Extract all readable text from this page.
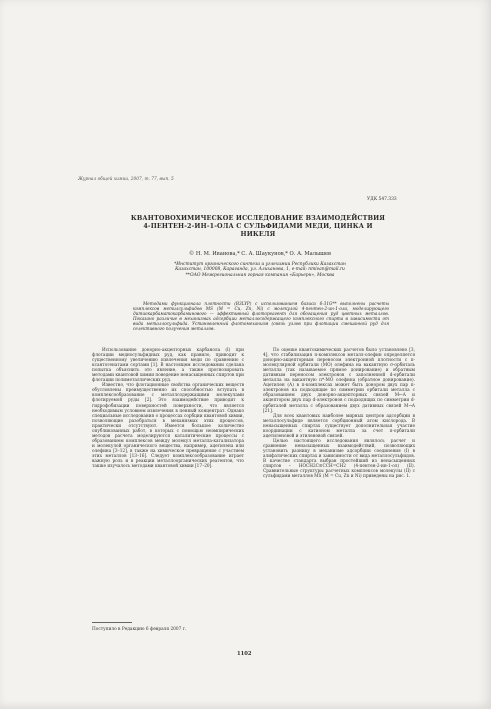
Журнал общей химии, 2007, т. 77, вып. 5
УДК 547.333
КВАНТОВОХИМИЧЕСКОЕ ИССЛЕДОВАНИЕ ВЗАИМОДЕЙСТВИЯ 4-ПЕНТЕН-2-ИН-1-ОЛА С СУЛЬФИДАМИ МЕДИ, ЦИНКА И НИКЕЛЯ
© Н. М. Иванова,* С. А. Шаукунов,* О. А. Малышев
*Институт органического синтеза и углехимии Республики Казахстан
Казахстан, 100008, Караганда, ул. Алиханова, 1, e-mail: nmivan@mail.ru
**ОАО Межрегиональная горная компания «Барьерн», Москва
Методами функционала плотности (B3LYP) с использованием базиса 6-31G** выполнены расчеты комплексов метилсульфидов MS (M = Cu, Zn, Ni) с молекулой 4-пентен-2-ин-1-ола, моделирующего дитиокарбаматокарбаминового — эффективный флотореагент для обогащения руд цветных металлов. Показано различие в механизмах адсорбции металлосодержащего комплексного спирта в зависимости от вида металлосульфида. Установленный флотомеханизм (связь узлов при флотации смешанной руд для селективного получения металлов.

Использование донорно-акцепторных карбанола (I) при флотации медносульфидных руд, как правило, приводит к существенному увеличению извлечения меди по сравнению с ксантогенатами сортами [1]. В настоящем исследовании сделана попытка объяснить это явление, а также прогнозировать методами квантовой химии поведение ненасыщенных спиртов при флотации полиметаллических руд.

Известно, что флотационные свойства органических веществ обусловлены преимущественно их способностью вступать в комплексообразование с металлсодержащими молекулами флотируемой руды [2]. Это взаимодействие приводит к гидрофобизации поверхностей поверхности, что является необходимым условием извлечения в пенный концентрат. Однако специальные исследования о процессах сорбции квантовой химии, позволяющие разобраться в механизмах этих процессов, практически отсутствуют. Имеется большое количество опубликованных работ, в которых с помощью неэмпирических методов расчета моделируются каталитические процессы с образованием комплексов между молекул металла-катализатора и молекулой органического вещества, например, ацетилена или олефина [3–12], в также на химическое превращение с участием этих металлов [13–16]. Следует комплексообразование играет важную роль и в реакции металлоорганических реагентов, что также изучалось методами квантовой химии [17–20].

По оценке квантохимических расчетов было установлено [3, 4], что стабилизация π-комплексов металл-олефин определяется донорно-акцепторным переносом электронной плотности с π-молекулярной орбитали (МО) олефина на вакантную σ-орбиталь металла (так называемое прямое донирование) и обратным дативным переносом электронов с заполненной d-орбитали металла на вакантную π*-МО олефина (обратное донирование). Ацетилен (А) в π-комплексах может быть донором двух пар π-электронов на подходящие по симметрии орбитали металла с образованием двух донорно-акцепторных связей M←A и акцептором двух пар d-электронов с подходящих по симметрии d-орбиталей металла с образованием двух дативных связей M→A [21].

Для всех квантовых наиболее мирных центров адсорбции в металлосульфиде является сорбционный атом кислорода. В ненасыщенных спиртах существует дополнительная участие координации с катионом металла за счет π-орбитали ацетиленовой и этиленовой связей.

Целью настоящего исследования являлось расчет и сравнение ненасыщенных взаимодействий, позволяющих установить разницу в механизме адсорбции соединения (I) в алифатических спиртах и зависимости от вида металлосульфидов. В качестве стандарта выбран простейший из ненасыщенных спиртов – HOCH2C≡CCH=CH2 (4-пентен-2-ин-1-ол) (II). Сравнительные структуры расчетных комплексов молекулы (II) с сульфидами металлов MS (M = Cu, Zn и Ni) приведены на рис. 1.

Поступило в Редакцию 6 февраля 2007 г.
1102
